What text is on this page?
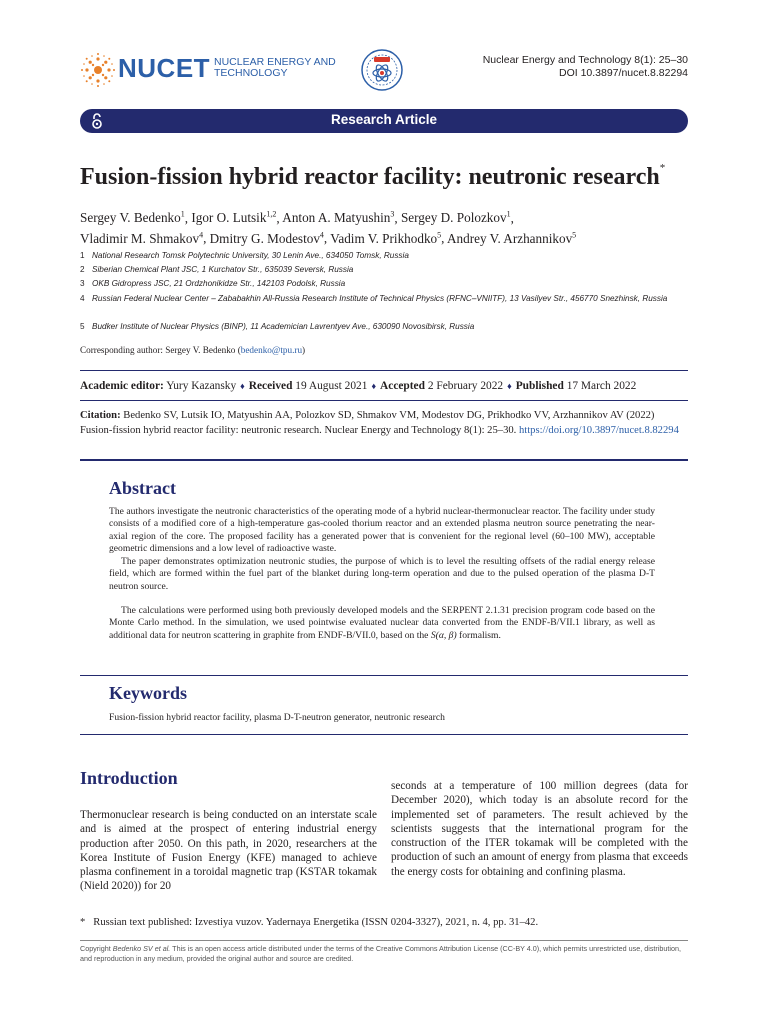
NUCET NUCLEAR ENERGY AND
TECHNOLOGY
Nuclear Energy and Technology 8(1): 25–30
DOI 10.3897/nucet.8.82294
Research Article
Fusion-fission hybrid reactor facility: neutronic research*
Sergey V. Bedenko$^1$, Igor O. Lutsik$^{1,2}$, Anton A. Matyushin$^3$, Sergey D. Polozkov$^1$,
Vladimir M. Shmakov$^4$, Dmitry G. Modestov$^4$, Vadim V. Prikhodko$^5$, Andrey V. Arzhannikov$^5$
1 National Research Tomsk Polytechnic University, 30 Lenin Ave., 634050 Tomsk, Russia
2 Siberian Chemical Plant JSC, 1 Kurchatov Str., 635039 Seversk, Russia
3 OKB Gidropress JSC, 21 Ordzhonikidze Str., 142103 Podolsk, Russia
4 Russian Federal Nuclear Center – Zababakhin All-Russia Research Institute of Technical Physics (RFNC–VNIITF), 13 Vasilyev Str., 456770 Snezhinsk, Russia
5 Budker Institute of Nuclear Physics (BINP), 11 Academician Lavrentyev Ave., 630090 Novosibirsk, Russia
Corresponding author: Sergey V. Bedenko (bedenko@tpu.ru)
Academic editor: Yury Kazansky ♦ Received 19 August 2021 ♦ Accepted 2 February 2022 ♦ Published 17 March 2022
Citation: Bedenko SV, Lutsik IO, Matyushin AA, Polozkov SD, Shmakov VM, Modestov DG, Prikhodko VV, Arzhannikov AV (2022) Fusion-fission hybrid reactor facility: neutronic research. Nuclear Energy and Technology 8(1): 25–30. https://doi.org/10.3897/nucet.8.82294
Abstract
The authors investigate the neutronic characteristics of the operating mode of a hybrid nuclear-thermonuclear reactor. The facility under study consists of a modified core of a high-temperature gas-cooled thorium reactor and an extended plasma neutron source penetrating the near-axial region of the core. The proposed facility has a generated power that is convenient for the regional level (60–100 MW), acceptable geometric dimensions and a low level of radioactive waste.
The paper demonstrates optimization neutronic studies, the purpose of which is to level the resulting offsets of the radial energy release field, which are formed within the fuel part of the blanket during long-term operation and due to the pulsed operation of the plasma D-T neutron source.
The calculations were performed using both previously developed models and the SERPENT 2.1.31 precision program code based on the Monte Carlo method. In the simulation, we used pointwise evaluated nuclear data converted from the ENDF-B/VII.1 library, as well as additional data for neutron scattering in graphite from ENDF-B/VII.0, based on the S(α, β) formalism.
Keywords
Fusion-fission hybrid reactor facility, plasma D-T-neutron generator, neutronic research
Introduction
Thermonuclear research is being conducted on an interstate scale and is aimed at the prospect of entering industrial energy production after 2050. On this path, in 2020, researchers at the Korea Institute of Fusion Energy (KFE) managed to achieve plasma confinement in a toroidal magnetic trap (KSTAR tokamak (Nield 2020)) for 20
seconds at a temperature of 100 million degrees (data for December 2020), which today is an absolute record for the implemented set of parameters. The result achieved by the scientists suggests that the international program for the construction of the ITER tokamak will be completed with the production of such an amount of energy from plasma that exceeds the energy costs for obtaining and confining plasma.
* Russian text published: Izvestiya vuzov. Yadernaya Energetika (ISSN 0204-3327), 2021, n. 4, pp. 31–42.
Copyright Bedenko SV et al. This is an open access article distributed under the terms of the Creative Commons Attribution License (CC-BY 4.0), which permits unrestricted use, distribution, and reproduction in any medium, provided the original author and source are credited.
